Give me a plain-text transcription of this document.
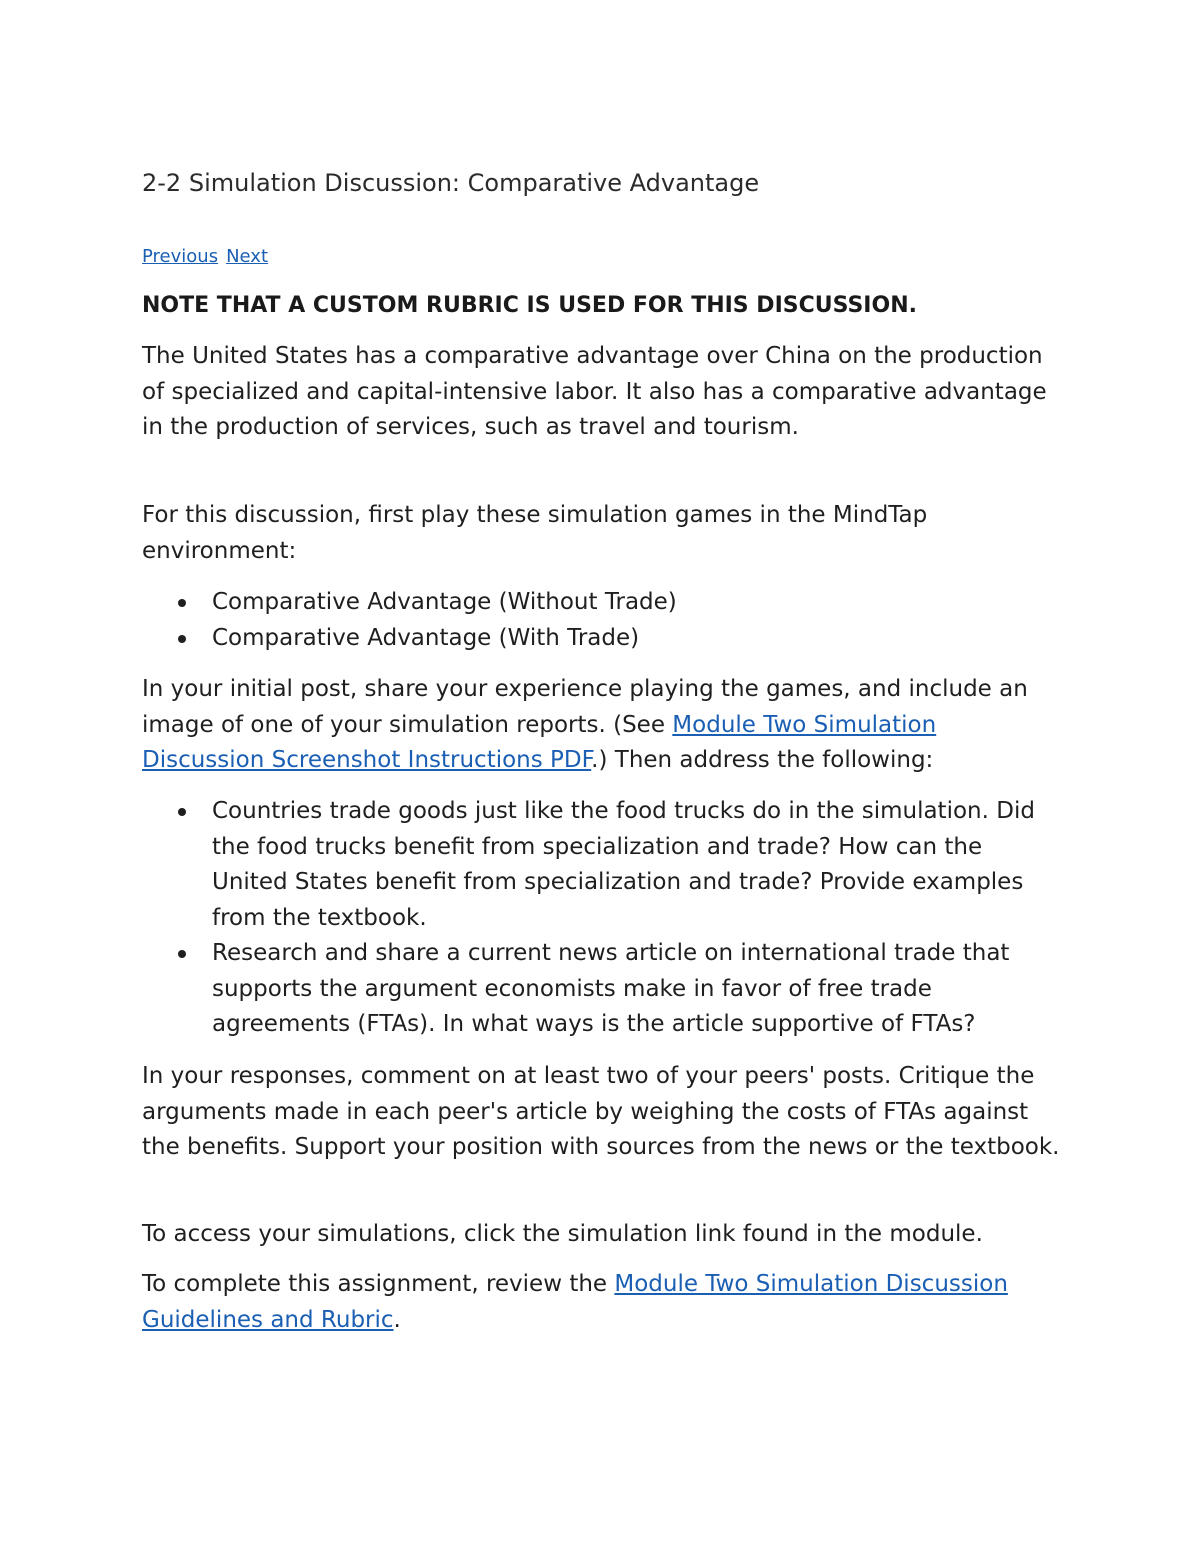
2-2 Simulation Discussion: Comparative Advantage
Previous Next
NOTE THAT A CUSTOM RUBRIC IS USED FOR THIS DISCUSSION.

The United States has a comparative advantage over China on the production of specialized and capital-intensive labor. It also has a comparative advantage in the production of services, such as travel and tourism.

For this discussion, first play these simulation games in the MindTap environment:

Comparative Advantage (Without Trade)
Comparative Advantage (With Trade)

In your initial post, share your experience playing the games, and include an image of one of your simulation reports. (See Module Two Simulation Discussion Screenshot Instructions PDF.) Then address the following:

Countries trade goods just like the food trucks do in the simulation. Did the food trucks benefit from specialization and trade? How can the United States benefit from specialization and trade? Provide examples from the textbook.
Research and share a current news article on international trade that supports the argument economists make in favor of free trade agreements (FTAs). In what ways is the article supportive of FTAs?

In your responses, comment on at least two of your peers' posts. Critique the arguments made in each peer's article by weighing the costs of FTAs against the benefits. Support your position with sources from the news or the textbook.

To access your simulations, click the simulation link found in the module.

To complete this assignment, review the Module Two Simulation Discussion Guidelines and Rubric.
